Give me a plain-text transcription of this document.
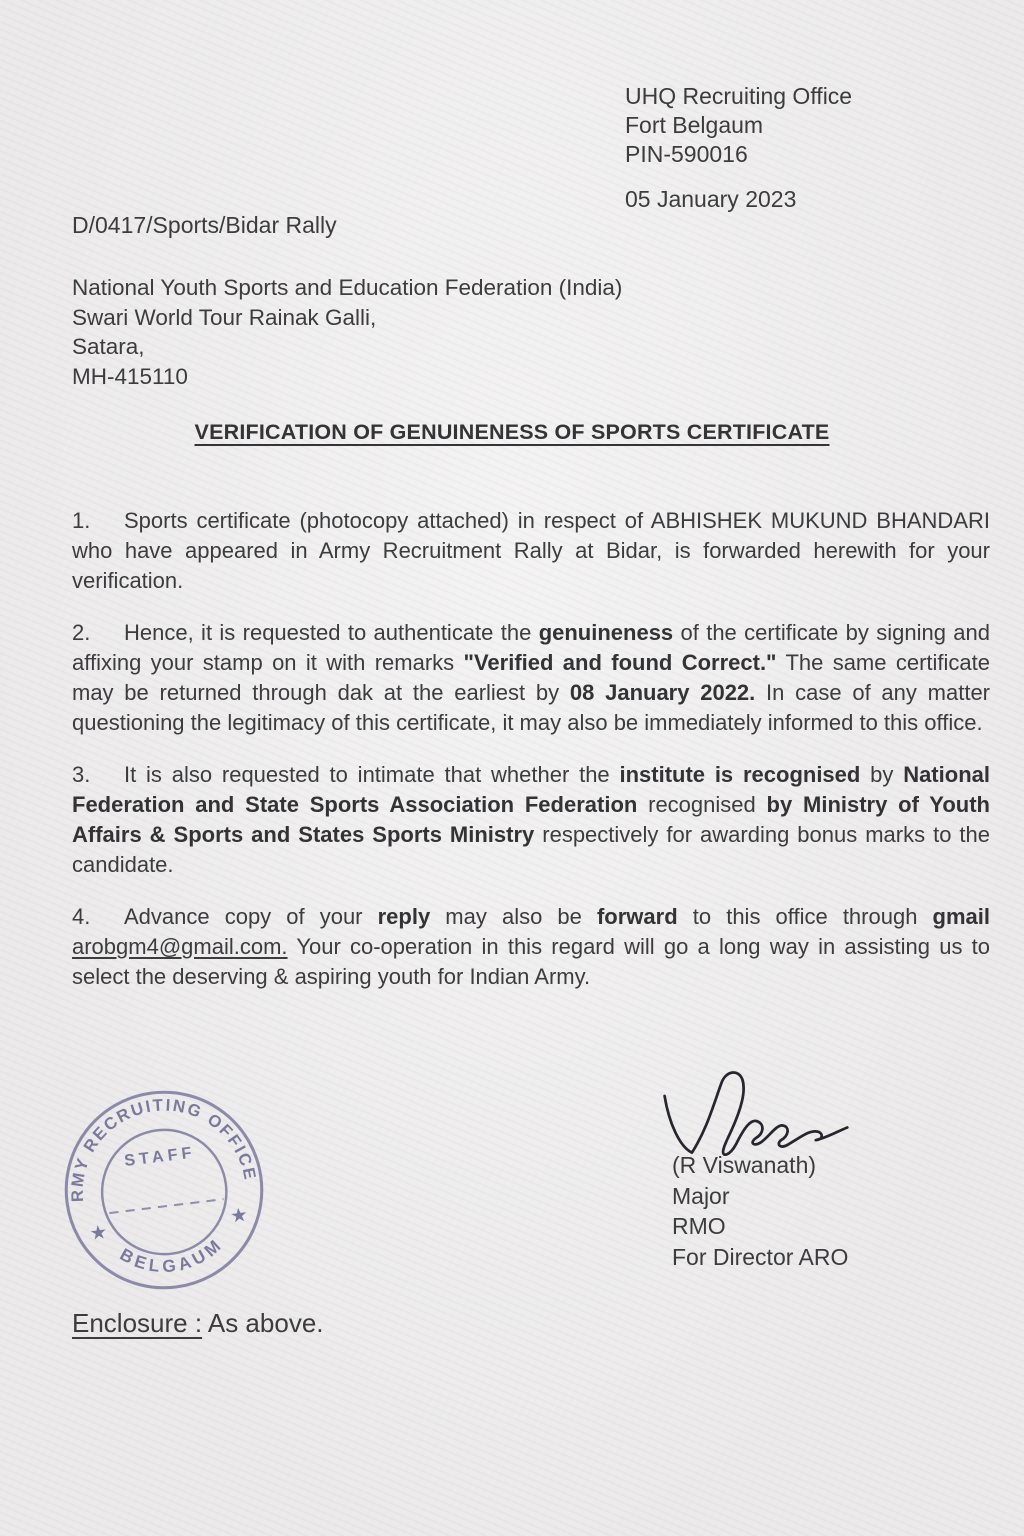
UHQ Recruiting Office
Fort Belgaum
PIN-590016
05 January 2023
D/0417/Sports/Bidar Rally
National Youth Sports and Education Federation (India)
Swari World Tour Rainak Galli,
Satara,
MH-415110
VERIFICATION OF GENUINENESS OF SPORTS CERTIFICATE
1. Sports certificate (photocopy attached) in respect of ABHISHEK MUKUND BHANDARI who have appeared in Army Recruitment Rally at Bidar, is forwarded herewith for your verification.
2. Hence, it is requested to authenticate the genuineness of the certificate by signing and affixing your stamp on it with remarks "Verified and found Correct." The same certificate may be returned through dak at the earliest by 08 January 2022. In case of any matter questioning the legitimacy of this certificate, it may also be immediately informed to this office.
3. It is also requested to intimate that whether the institute is recognised by National Federation and State Sports Association Federation recognised by Ministry of Youth Affairs & Sports and States Sports Ministry respectively for awarding bonus marks to the candidate.
4. Advance copy of your reply may also be forward to this office through gmail arobgm4@gmail.com. Your co-operation in this regard will go a long way in assisting us to select the deserving & aspiring youth for Indian Army.
RMY RECRUITING OFFICE
BELGAUM
STAFF
★
★
(R Viswanath)
Major
RMO
For Director ARO
Enclosure : As above.
